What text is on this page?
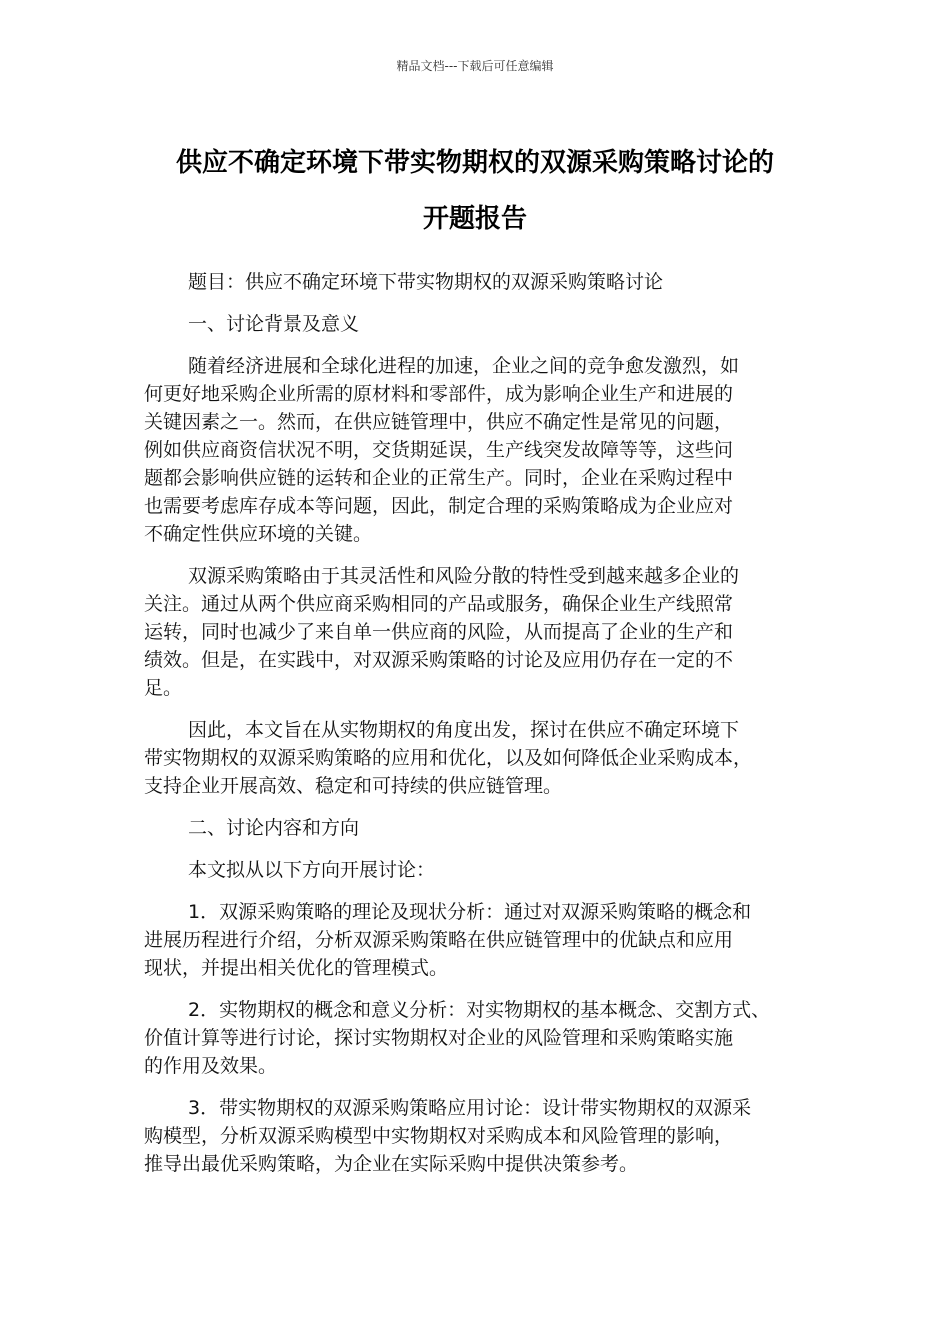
精品文档---下载后可任意编辑
供应不确定环境下带实物期权的双源采购策略讨论的
开题报告

题目：供应不确定环境下带实物期权的双源采购策略讨论

一、讨论背景及意义

随着经济进展和全球化进程的加速，企业之间的竞争愈发激烈，如
何更好地采购企业所需的原材料和零部件，成为影响企业生产和进展的
关键因素之一。然而，在供应链管理中，供应不确定性是常见的问题，
例如供应商资信状况不明，交货期延误，生产线突发故障等等，这些问
题都会影响供应链的运转和企业的正常生产。同时，企业在采购过程中
也需要考虑库存成本等问题，因此，制定合理的采购策略成为企业应对
不确定性供应环境的关键。

双源采购策略由于其灵活性和风险分散的特性受到越来越多企业的
关注。通过从两个供应商采购相同的产品或服务，确保企业生产线照常
运转，同时也减少了来自单一供应商的风险，从而提高了企业的生产和
绩效。但是，在实践中，对双源采购策略的讨论及应用仍存在一定的不
足。

因此，本文旨在从实物期权的角度出发，探讨在供应不确定环境下
带实物期权的双源采购策略的应用和优化，以及如何降低企业采购成本，
支持企业开展高效、稳定和可持续的供应链管理。

二、讨论内容和方向

本文拟从以下方向开展讨论：

1．双源采购策略的理论及现状分析：通过对双源采购策略的概念和
进展历程进行介绍，分析双源采购策略在供应链管理中的优缺点和应用
现状，并提出相关优化的管理模式。

2．实物期权的概念和意义分析：对实物期权的基本概念、交割方式、
价值计算等进行讨论，探讨实物期权对企业的风险管理和采购策略实施
的作用及效果。

3．带实物期权的双源采购策略应用讨论：设计带实物期权的双源采
购模型，分析双源采购模型中实物期权对采购成本和风险管理的影响，
推导出最优采购策略，为企业在实际采购中提供决策参考。
